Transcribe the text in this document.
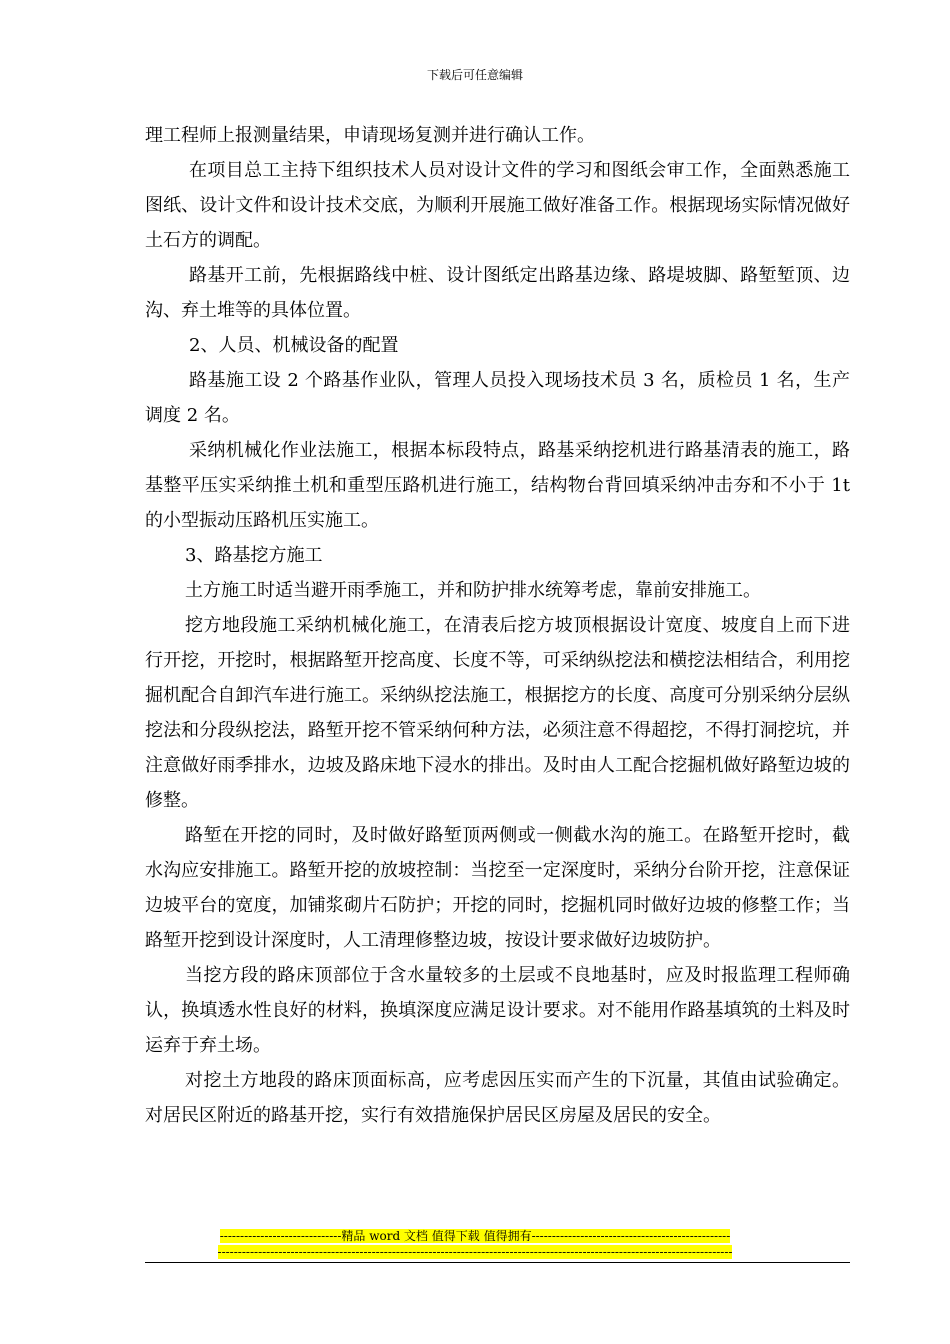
下载后可任意编辑

理工程师上报测量结果，申请现场复测并进行确认工作。

在项目总工主持下组织技术人员对设计文件的学习和图纸会审工作，全面熟悉施工图纸、设计文件和设计技术交底，为顺利开展施工做好准备工作。根据现场实际情况做好土石方的调配。

路基开工前，先根据路线中桩、设计图纸定出路基边缘、路堤坡脚、路堑堑顶、边沟、弃土堆等的具体位置。

2、人员、机械设备的配置

路基施工设 2 个路基作业队，管理人员投入现场技术员 3 名，质检员 1 名，生产调度 2 名。

采纳机械化作业法施工，根据本标段特点，路基采纳挖机进行路基清表的施工，路基整平压实采纳推土机和重型压路机进行施工，结构物台背回填采纳冲击夯和不小于 1t 的小型振动压路机压实施工。

3、路基挖方施工

土方施工时适当避开雨季施工，并和防护排水统筹考虑，靠前安排施工。

挖方地段施工采纳机械化施工，在清表后挖方坡顶根据设计宽度、坡度自上而下进行开挖，开挖时，根据路堑开挖高度、长度不等，可采纳纵挖法和横挖法相结合，利用挖掘机配合自卸汽车进行施工。采纳纵挖法施工，根据挖方的长度、高度可分别采纳分层纵挖法和分段纵挖法，路堑开挖不管采纳何种方法，必须注意不得超挖，不得打洞挖坑，并注意做好雨季排水，边坡及路床地下浸水的排出。及时由人工配合挖掘机做好路堑边坡的修整。

路堑在开挖的同时，及时做好路堑顶两侧或一侧截水沟的施工。在路堑开挖时，截水沟应安排施工。路堑开挖的放坡控制：当挖至一定深度时，采纳分台阶开挖，注意保证边坡平台的宽度，加铺浆砌片石防护；开挖的同时，挖掘机同时做好边坡的修整工作；当路堑开挖到设计深度时，人工清理修整边坡，按设计要求做好边坡防护。

当挖方段的路床顶部位于含水量较多的土层或不良地基时，应及时报监理工程师确认，换填透水性良好的材料，换填深度应满足设计要求。对不能用作路基填筑的土料及时运弃于弃土场。

对挖土方地段的路床顶面标高，应考虑因压实而产生的下沉量，其值由试验确定。对居民区附近的路基开挖，实行有效措施保护居民区房屋及居民的安全。

------------------------------精品 word 文档 值得下载 值得拥有-------------------------------------------------
-------------------------------------------------------------------------------------------------------------------------------
